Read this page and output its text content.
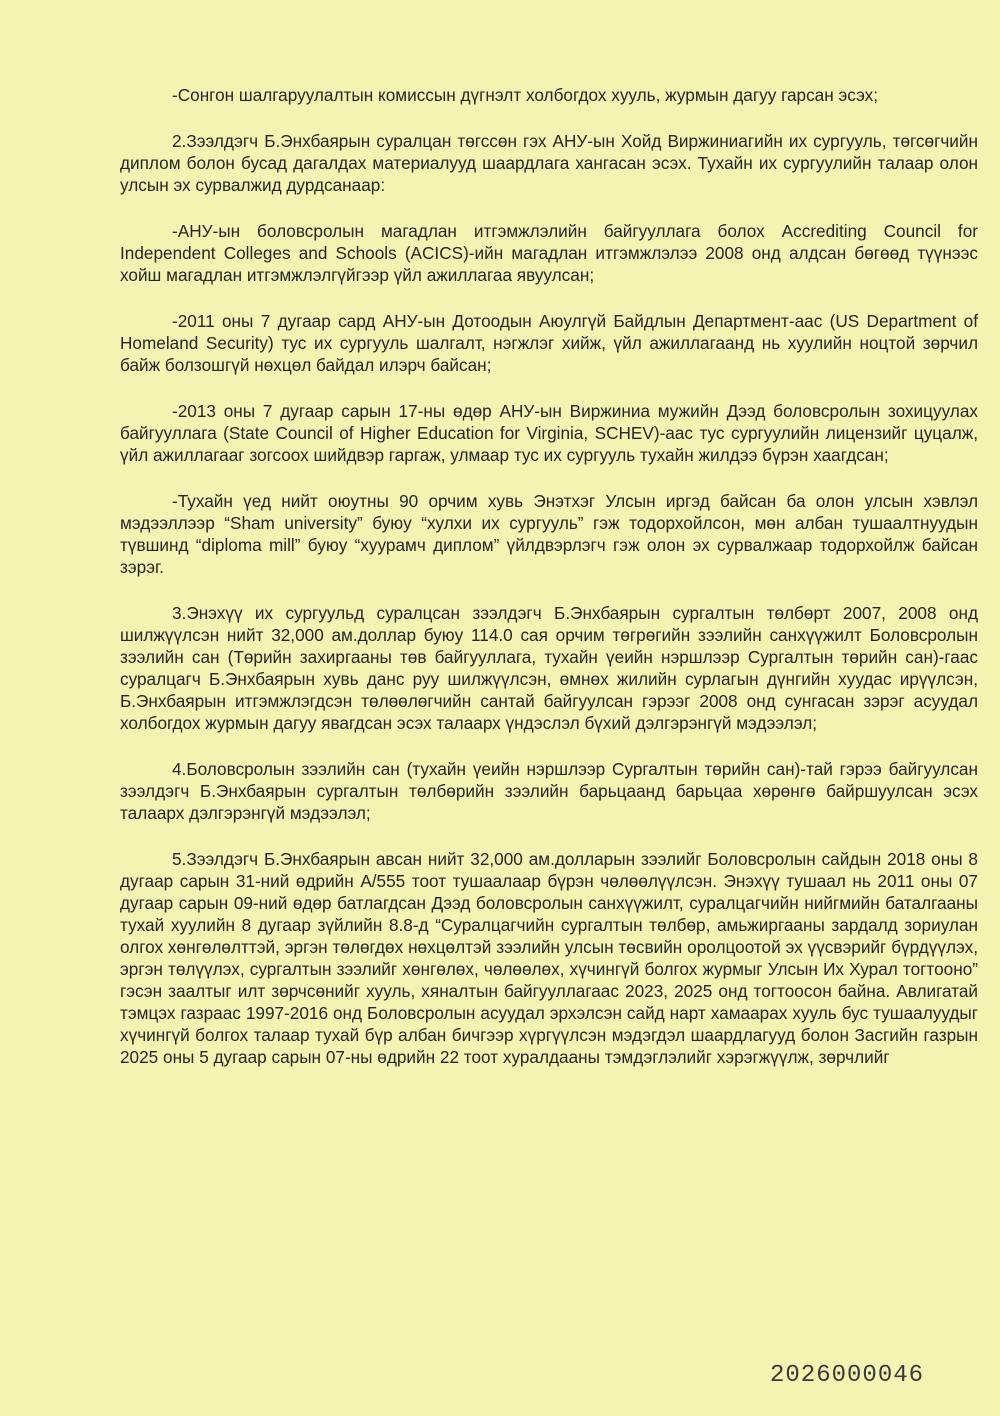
-Сонгон шалгаруулалтын комиссын дүгнэлт холбогдох хууль, журмын дагуу гарсан эсэх;

2.Зээлдэгч Б.Энхбаярын суралцан төгссөн гэх АНУ-ын Хойд Виржиниагийн их сургууль, төгсөгчийн диплом болон бусад дагалдах материалууд шаардлага хангасан эсэх. Тухайн их сургуулийн талаар олон улсын эх сурвалжид дурдсанаар:

-АНУ-ын боловсролын магадлан итгэмжлэлийн байгууллага болох Accrediting Council for Independent Colleges and Schools (ACICS)-ийн магадлан итгэмжлэлээ 2008 онд алдсан бөгөөд түүнээс хойш магадлан итгэмжлэлгүйгээр үйл ажиллагаа явуулсан;

-2011 оны 7 дугаар сард АНУ-ын Дотоодын Аюулгүй Байдлын Департмент-аас (US Department of Homeland Security) тус их сургууль шалгалт, нэгжлэг хийж, үйл ажиллагаанд нь хуулийн ноцтой зөрчил байж болзошгүй нөхцөл байдал илэрч байсан;

-2013 оны 7 дугаар сарын 17-ны өдөр АНУ-ын Виржиниа мужийн Дээд боловсролын зохицуулах байгууллага (State Council of Higher Education for Virginia, SCHEV)-аас тус сургуулийн лицензийг цуцалж, үйл ажиллагааг зогсоох шийдвэр гаргаж, улмаар тус их сургууль тухайн жилдээ бүрэн хаагдсан;

-Тухайн үед нийт оюутны 90 орчим хувь Энэтхэг Улсын иргэд байсан ба олон улсын хэвлэл мэдээллээр “Sham university” буюу “хулхи их сургууль” гэж тодорхойлсон, мөн албан тушаалтнуудын түвшинд “diploma mill” буюу “хуурамч диплом” үйлдвэрлэгч гэж олон эх сурвалжаар тодорхойлж байсан зэрэг.

3.Энэхүү их сургуульд суралцсан зээлдэгч Б.Энхбаярын сургалтын төлбөрт 2007, 2008 онд шилжүүлсэн нийт 32,000 ам.доллар буюу 114.0 сая орчим төгрөгийн зээлийн санхүүжилт Боловсролын зээлийн сан (Төрийн захиргааны төв байгууллага, тухайн үеийн нэршлээр Сургалтын төрийн сан)-гаас суралцагч Б.Энхбаярын хувь данс руу шилжүүлсэн, өмнөх жилийн сурлагын дүнгийн хуудас ирүүлсэн, Б.Энхбаярын итгэмжлэгдсэн төлөөлөгчийн сантай байгуулсан гэрээг 2008 онд сунгасан зэрэг асуудал холбогдох журмын дагуу явагдсан эсэх талаарх үндэслэл бүхий дэлгэрэнгүй мэдээлэл;

4.Боловсролын зээлийн сан (тухайн үеийн нэршлээр Сургалтын төрийн сан)-тай гэрээ байгуулсан зээлдэгч Б.Энхбаярын сургалтын төлбөрийн зээлийн барьцаанд барьцаа хөрөнгө байршуулсан эсэх талаарх дэлгэрэнгүй мэдээлэл;

5.Зээлдэгч Б.Энхбаярын авсан нийт 32,000 ам.долларын зээлийг Боловсролын сайдын 2018 оны 8 дугаар сарын 31-ний өдрийн А/555 тоот тушаалаар бүрэн чөлөөлүүлсэн. Энэхүү тушаал нь 2011 оны 07 дугаар сарын 09-ний өдөр батлагдсан Дээд боловсролын санхүүжилт, суралцагчийн нийгмийн баталгааны тухай хуулийн 8 дугаар зүйлийн 8.8-д “Суралцагчийн сургалтын төлбөр, амьжиргааны зардалд зориулан олгох хөнгөлөлттэй, эргэн төлөгдөх нөхцөлтэй зээлийн улсын төсвийн оролцоотой эх үүсвэрийг бүрдүүлэх, эргэн төлүүлэх, сургалтын зээлийг хөнгөлөх, чөлөөлөх, хүчингүй болгох журмыг Улсын Их Хурал тогтооно” гэсэн заалтыг илт зөрчсөнийг хууль, хяналтын байгууллагаас 2023, 2025 онд тогтоосон байна. Авлигатай тэмцэх газраас 1997-2016 онд Боловсролын асуудал эрхэлсэн сайд нарт хамаарах хууль бус тушаалуудыг хүчингүй болгох талаар тухай бүр албан бичгээр хүргүүлсэн мэдэгдэл шаардлагууд болон Засгийн газрын 2025 оны 5 дугаар сарын 07-ны өдрийн 22 тоот хуралдааны тэмдэглэлийг хэрэгжүүлж, зөрчлийг

2026000046
